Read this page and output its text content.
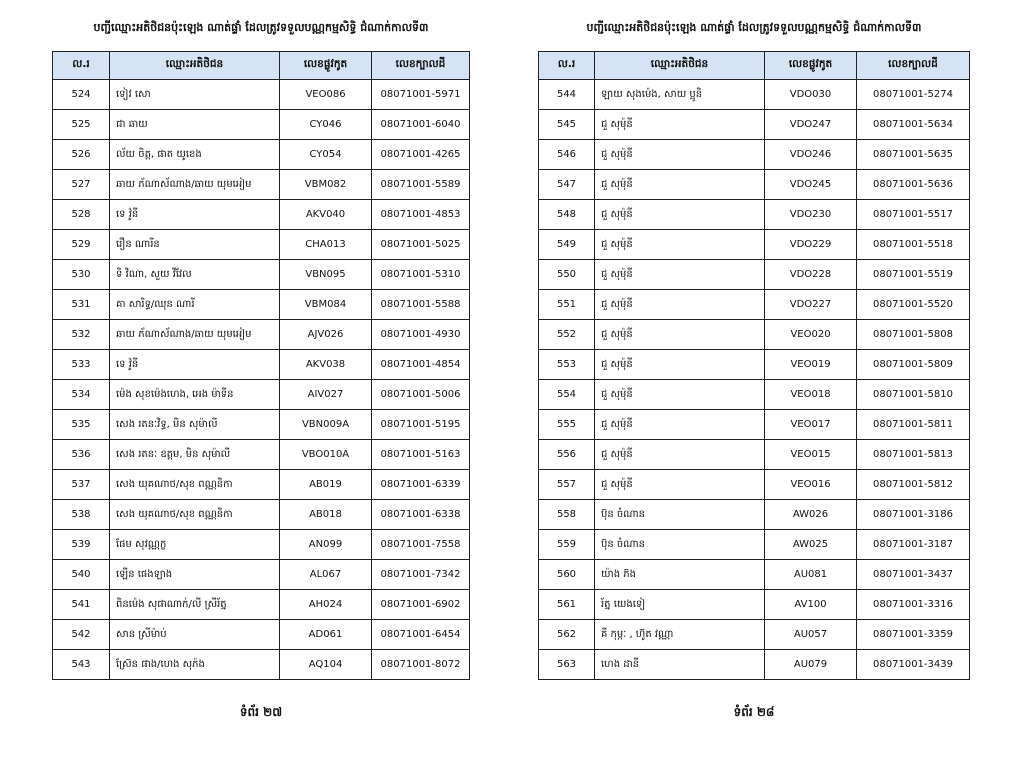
បញ្ជីឈ្មោះអតិថិជនប៉ុះឡេង ណាត់ផ្ទាំ ដែលត្រូវទទួលបណ្ណកម្មសិទ្ធិ ជំណាក់កាលទី៣
ល.រ	ឈ្មោះអតិថិជន	លេខផ្លូវកូត	លេខក្បាលដី
524	ទៀវ សោ	VEO086	08071001-5971
525	ជា ឆាយ	CY046	08071001-6040
526	ល័យ ចិត្ត, ផាត យូខេង	CY054	08071001-4265
527	ឆាយ ភ័ណាស័ណាង/ឆាយ យុមអៀម	VBM082	08071001-5589
528	ទេ វ៉ូនី	AKV040	08071001-4853
529	រឿន ណារីន	CHA013	08071001-5025
530	ទិ វិណា, សួយ វីវែល	VBN095	08071001-5310
531	គា សារិទ្ធ/ឈុន ណារី	VBM084	08071001-5588
532	ឆាយ ភ័ណាស័ណាង/ឆាយ យុមអៀម	AJV026	08071001-4930
533	ទេ វ៉ូនី	AKV038	08071001-4854
534	ម៉េង សុខម៉េងហេង, អេង ម៉ាទីន	AIV027	08071001-5006
535	សេង រតនៈវិទ្ធ, មិន សុម៉ាលី	VBN009A	08071001-5195
536	សេង រតនៈ ឧត្តម, មិន សុម៉ាលី	VBO010A	08071001-5163
537	សេង យុគណាថ/សុខ ពណ្ណនិកា	AB019	08071001-6339
538	សេង យុគណាថ/សុខ ពណ្ណនិកា	AB018	08071001-6338
539	ផែម សុវណ្ណក្ខ	AN099	08071001-7558
540	ឡើន ផេងឡាង	AL067	08071001-7342
541	ពិនម៉េង សុផាណាក់/លី ស្រីរ័ត្ន	AH024	08071001-6902
542	សាន ស្រីម៉ាប់	AD061	08071001-6454
543	ស្រ៊ែន ផាង/ហេង សុភ៉ង	AQ104	08071001-8072
ទំព័រ ២៧
បញ្ជីឈ្មោះអតិថិជនប៉ុះឡេង ណាត់ផ្ទាំ ដែលត្រូវទទួលបណ្ណកម្មសិទ្ធិ ជំណាក់កាលទី៣
ល.រ	ឈ្មោះអតិថិជន	លេខផ្លូវកូត	លេខក្បាលដី
544	ឡាយ សុងម៉េង, សាយ ប្អូនិ	VDO030	08071001-5274
545	ជួ សុម៉ុនី	VDO247	08071001-5634
546	ជួ សុម៉ុនី	VDO246	08071001-5635
547	ជួ សុម៉ុនី	VDO245	08071001-5636
548	ជួ សុម៉ុនី	VDO230	08071001-5517
549	ជួ សុម៉ុនី	VDO229	08071001-5518
550	ជួ សុម៉ុនី	VDO228	08071001-5519
551	ជួ សុម៉ុនី	VDO227	08071001-5520
552	ជួ សុម៉ុនី	VEO020	08071001-5808
553	ជួ សុម៉ុនី	VEO019	08071001-5809
554	ជួ សុម៉ុនី	VEO018	08071001-5810
555	ជួ សុម៉ុនី	VEO017	08071001-5811
556	ជួ សុម៉ុនី	VEO015	08071001-5813
557	ជួ សុម៉ុនី	VEO016	08071001-5812
558	ប៊ុន ចំណាន	AW026	08071001-3186
559	ប៊ុន ចំណាន	AW025	08071001-3187
560	យ៉ាង ភ៊ង	AU081	08071001-3437
561	រ័ត្ន យេងទៀ	AV100	08071001-3316
562	គី កុម្ភៈ , ហ៊ូត វណ្ណា	AU057	08071001-3359
563	ហេង ដានី	AU079	08071001-3439
ទំព័រ ២៨
